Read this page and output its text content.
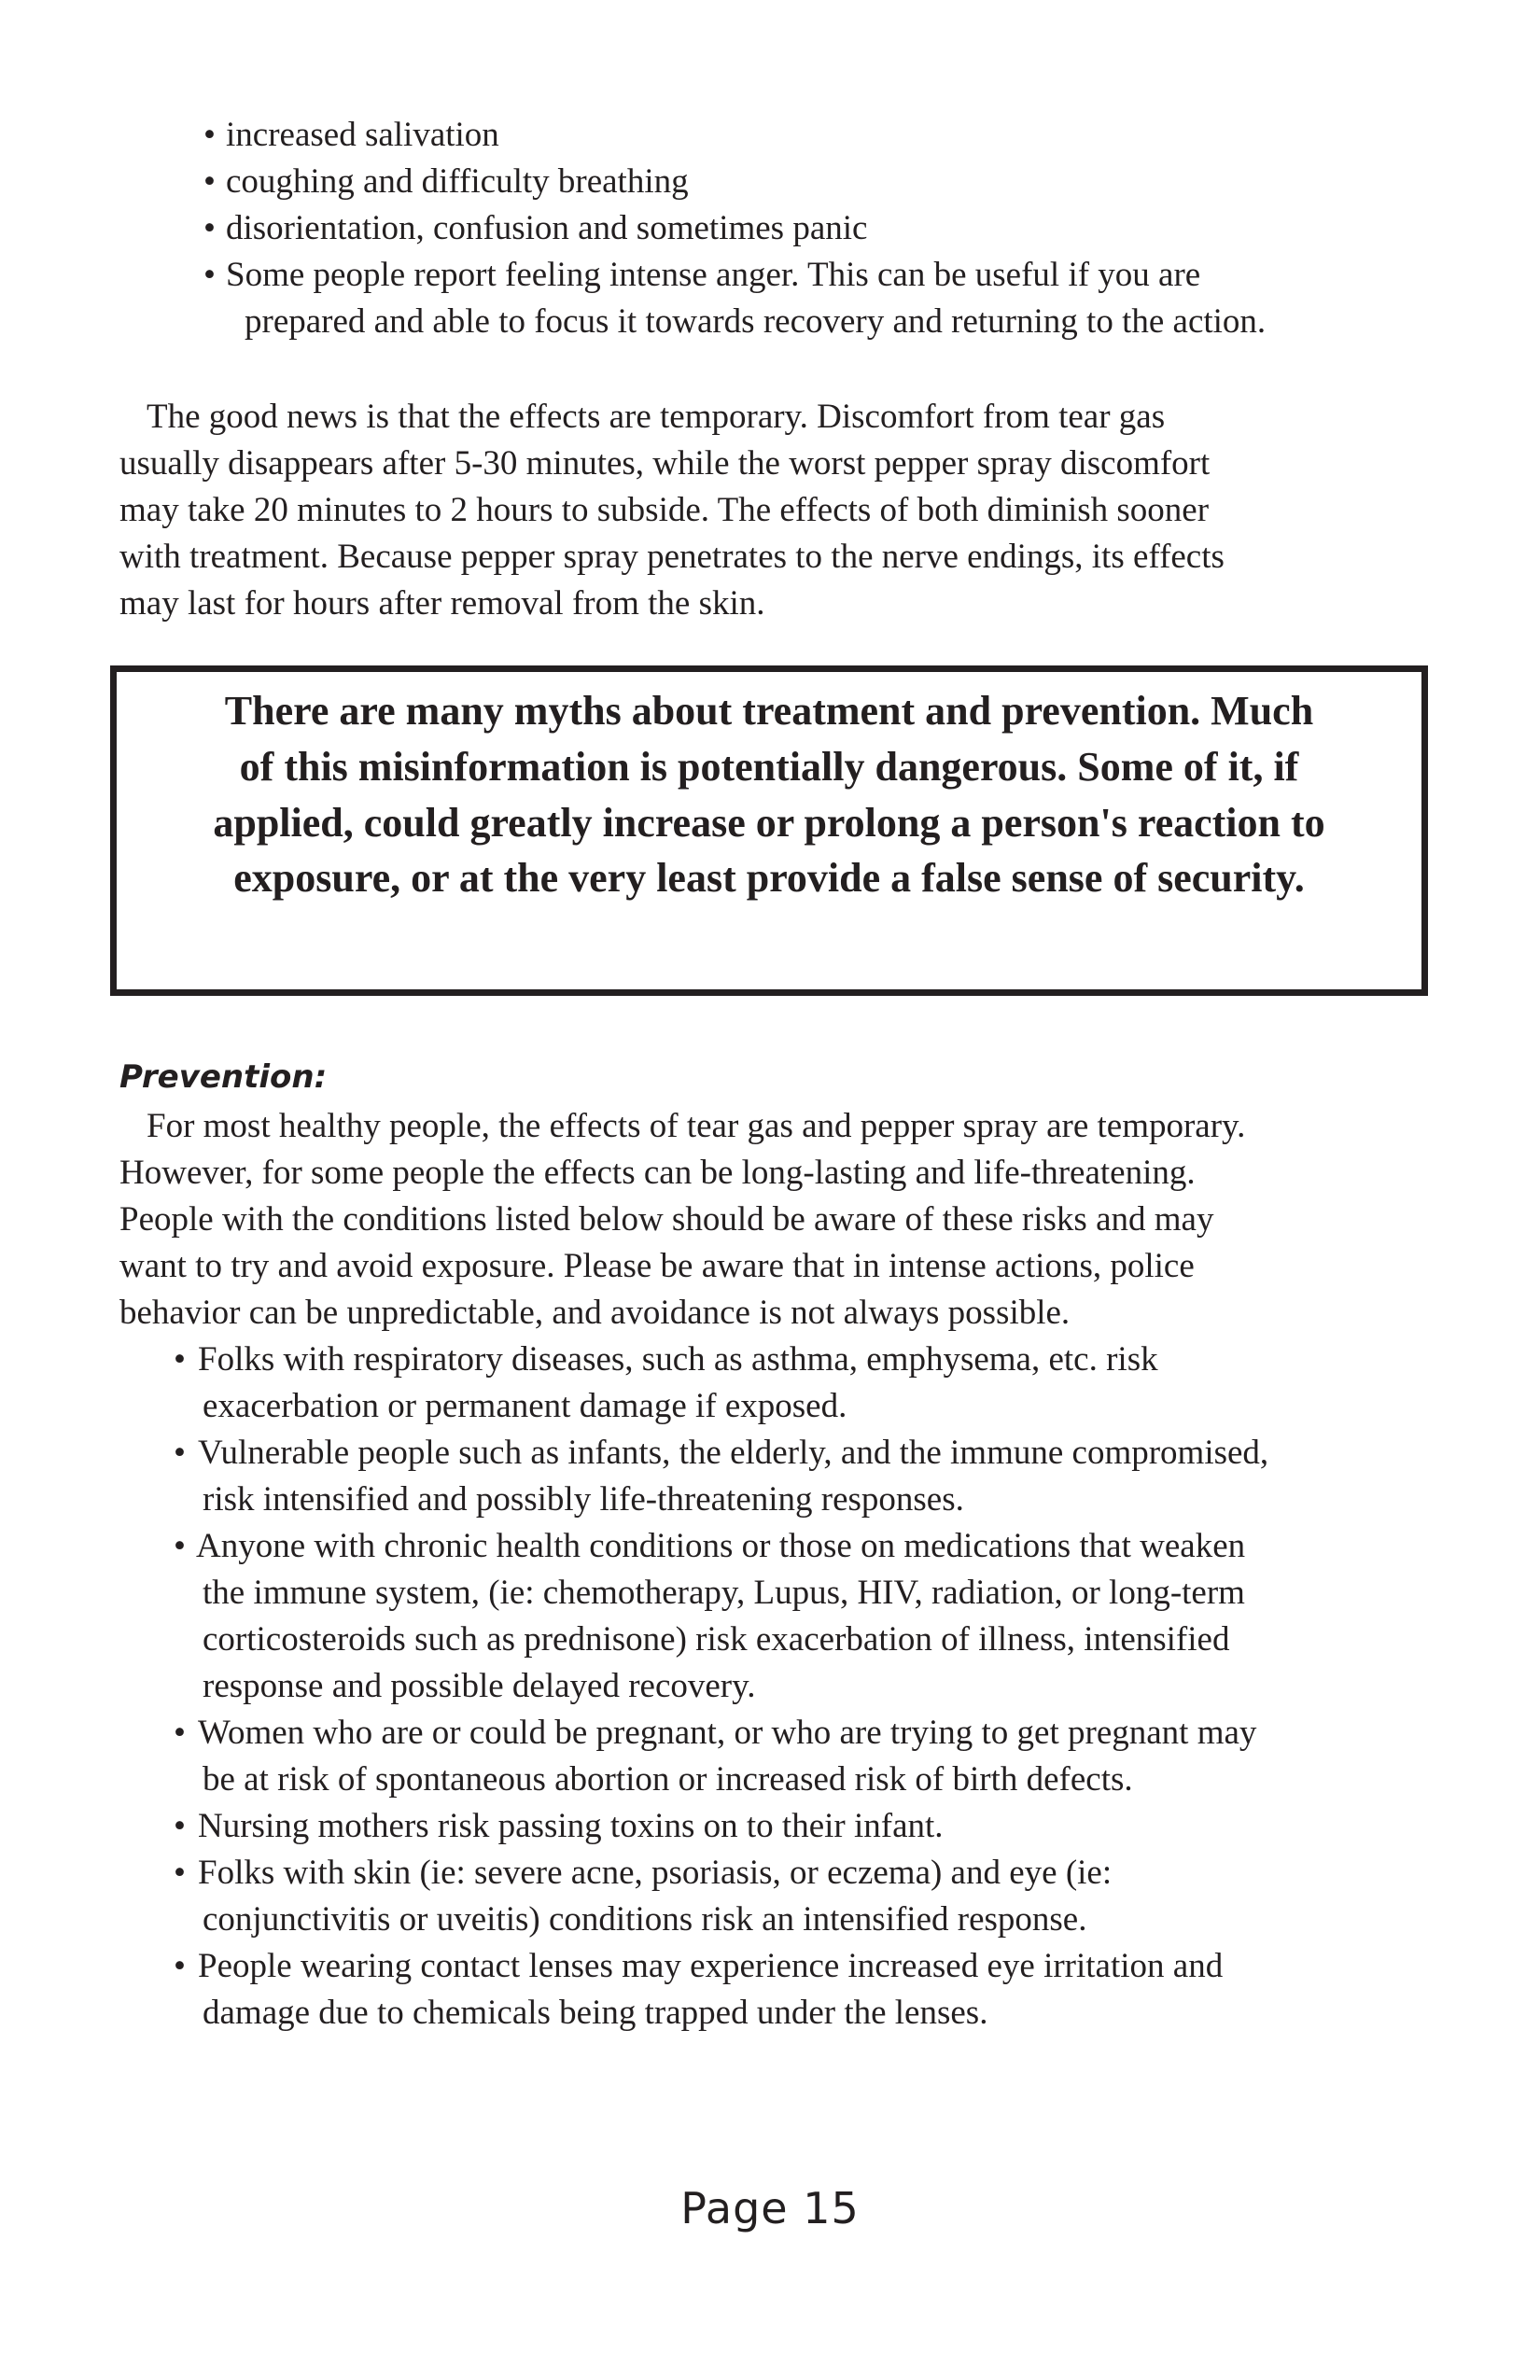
• increased salivation
• coughing and difficulty breathing
• disorientation, confusion and sometimes panic
• Some people report feeling intense anger. This can be useful if you are
prepared and able to focus it towards recovery and returning to the action.
The good news is that the effects are temporary. Discomfort from tear gas
usually disappears after 5-30 minutes, while the worst pepper spray discomfort
may take 20 minutes to 2 hours to subside. The effects of both diminish sooner
with treatment. Because pepper spray penetrates to the nerve endings, its effects
may last for hours after removal from the skin.
There are many myths about treatment and prevention. Much
of this misinformation is potentially dangerous. Some of it, if
applied, could greatly increase or prolong a person's reaction to
exposure, or at the very least provide a false sense of security.
Prevention:
For most healthy people, the effects of tear gas and pepper spray are temporary.
However, for some people the effects can be long-lasting and life-threatening.
People with the conditions listed below should be aware of these risks and may
want to try and avoid exposure. Please be aware that in intense actions, police
behavior can be unpredictable, and avoidance is not always possible.
• Folks with respiratory diseases, such as asthma, emphysema, etc. risk
exacerbation or permanent damage if exposed.
• Vulnerable people such as infants, the elderly, and the immune compromised,
risk intensified and possibly life-threatening responses.
• Anyone with chronic health conditions or those on medications that weaken
the immune system, (ie: chemotherapy, Lupus, HIV, radiation, or long-term
corticosteroids such as prednisone) risk exacerbation of illness, intensified
response and possible delayed recovery.
• Women who are or could be pregnant, or who are trying to get pregnant may
be at risk of spontaneous abortion or increased risk of birth defects.
• Nursing mothers risk passing toxins on to their infant.
• Folks with skin (ie: severe acne, psoriasis, or eczema) and eye (ie:
conjunctivitis or uveitis) conditions risk an intensified response.
• People wearing contact lenses may experience increased eye irritation and
damage due to chemicals being trapped under the lenses.
Page 15
